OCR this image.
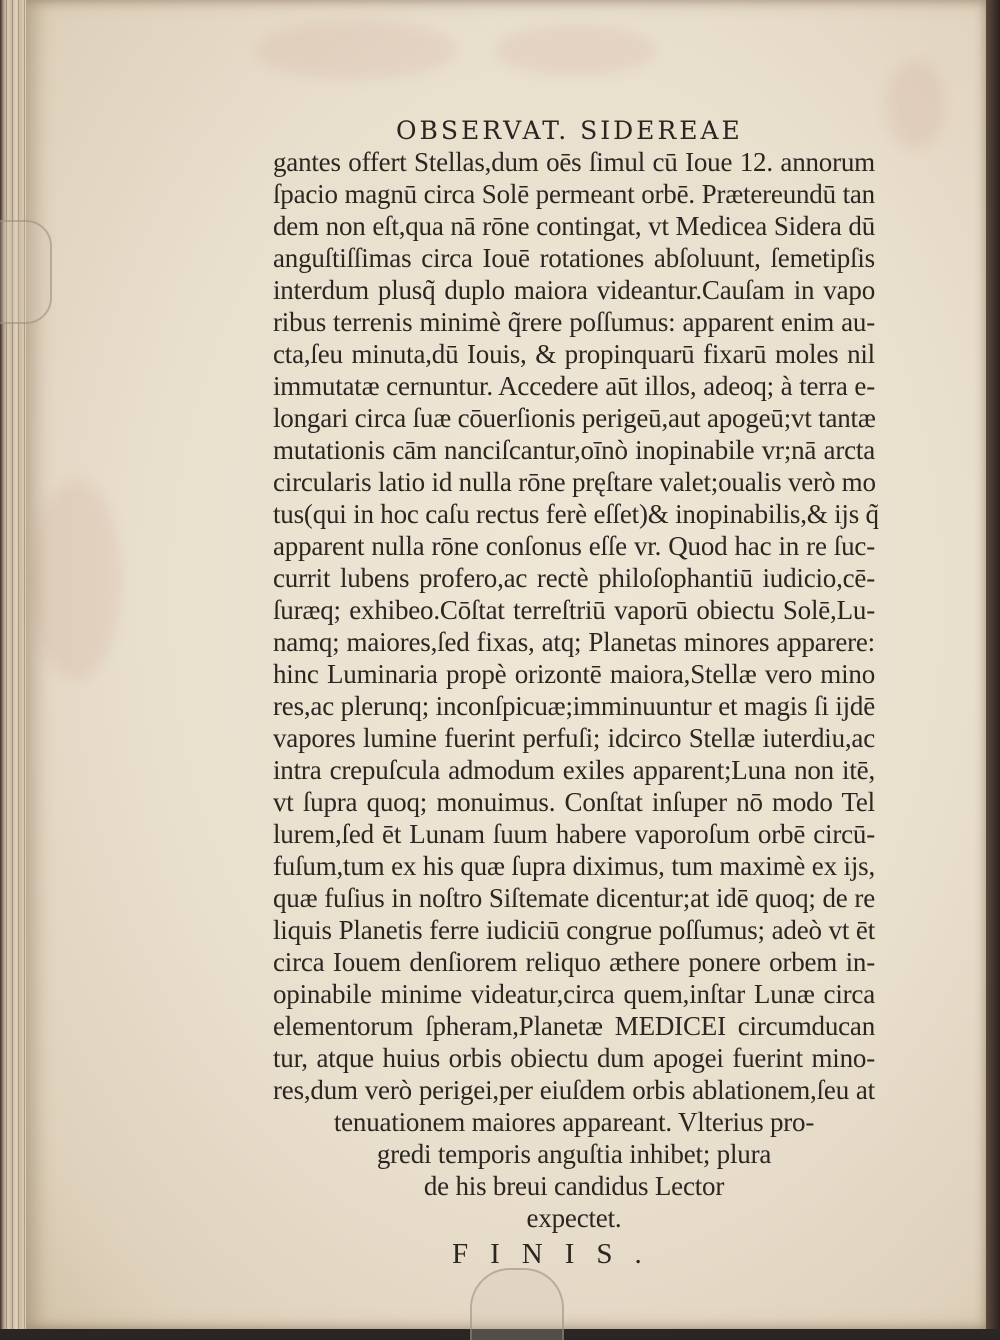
OBSERVAT. SIDEREAE
gantes offert Stellas,dum oēs ſimul cū Ioue 12. annorum
ſpacio magnū circa Solē permeant orbē. Prætereundū tan
dem non eſt,qua nā rōne contingat, vt Medicea Sidera dū
anguſtiſſimas circa Iouē rotationes abſoluunt, ſemetipſis
interdum plusq̃ duplo maiora videantur.Cauſam in vapo
ribus terrenis minimè q̃rere poſſumus: apparent enim au-
cta,ſeu minuta,dū Iouis, & propinquarū fixarū moles nil
immutatæ cernuntur. Accedere aūt illos, adeoq; à terra e-
longari circa ſuæ cōuerſionis perigeū,aut apogeū;vt tantæ
mutationis cām nanciſcantur,oīnò inopinabile vr;nā arcta
circularis latio id nulla rōne pręſtare valet;oualis verò mo
tus(qui in hoc caſu rectus ferè eſſet)& inopinabilis,& ijs q̃
apparent nulla rōne conſonus eſſe vr. Quod hac in re ſuc-
currit lubens profero,ac rectè philoſophantiū iudicio,cē-
ſuræq; exhibeo.Cōſtat terreſtriū vaporū obiectu Solē,Lu-
namq; maiores,ſed fixas, atq; Planetas minores apparere:
hinc Luminaria propè orizontē maiora,Stellæ vero mino
res,ac plerunq; inconſpicuæ;imminuuntur et magis ſi ijdē
vapores lumine fuerint perfuſi; idcirco Stellæ iuterdiu,ac
intra crepuſcula admodum exiles apparent;Luna non itē,
vt ſupra quoq; monuimus. Conſtat inſuper nō modo Tel
lurem,ſed ēt Lunam ſuum habere vaporoſum orbē circū-
fuſum,tum ex his quæ ſupra diximus, tum maximè ex ijs,
quæ fuſius in noſtro Siſtemate dicentur;at idē quoq; de re
liquis Planetis ferre iudiciū congrue poſſumus; adeò vt ēt
circa Iouem denſiorem reliquo æthere ponere orbem in-
opinabile minime videatur,circa quem,inſtar Lunæ circa
elementorum ſpheram,Planetæ MEDICEI circumducan
tur, atque huius orbis obiectu dum apogei fuerint mino-
res,dum verò perigei,per eiuſdem orbis ablationem,ſeu at
tenuationem maiores appareant. Vlterius pro-
gredi temporis anguſtia inhibet; plura
de his breui candidus Lector
expectet.
FINIS.
